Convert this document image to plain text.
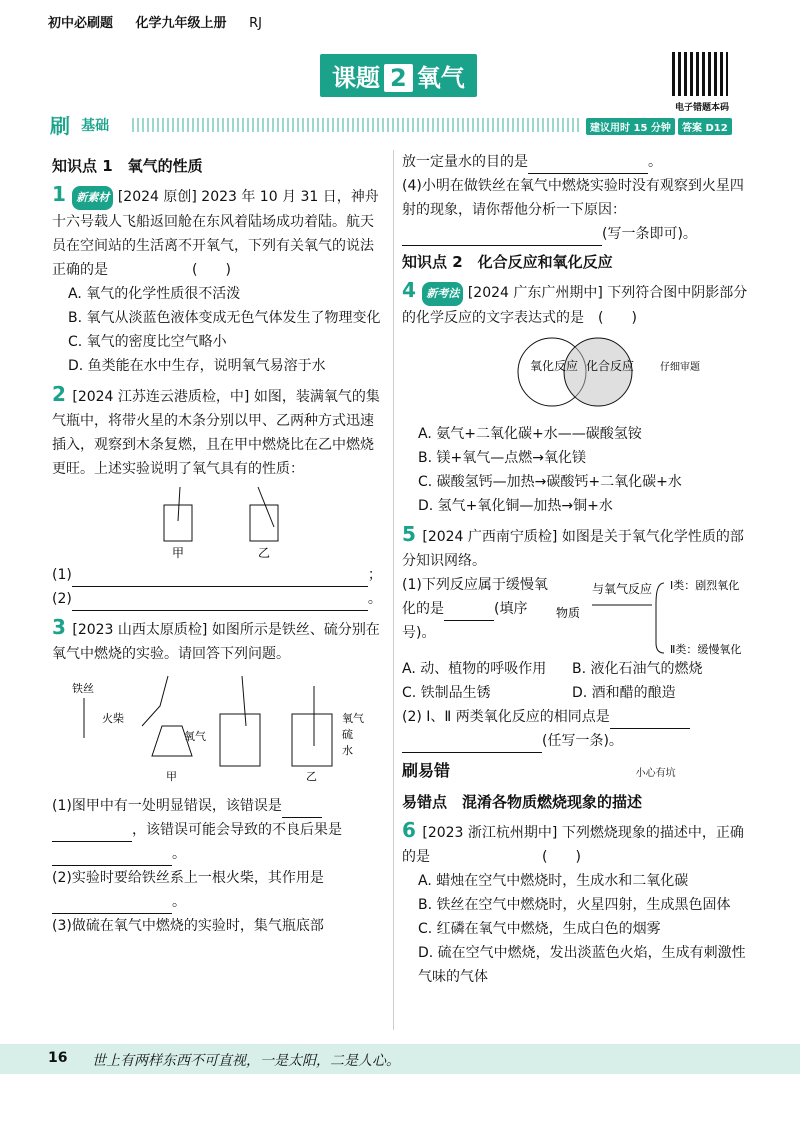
初中必刷题 化学九年级上册 RJ
课题 2 氧气
电子错题本码
刷 基础	建议用时 15 分钟	答案 D12
知识点 1　氧气的性质
1 新素材 [2024 原创] 2023 年 10 月 31 日，神舟十六号载人飞船返回舱在东风着陆场成功着陆。航天员在空间站的生活离不开氧气，下列有关氧气的说法正确的是　　　　　　(　　)
A. 氧气的化学性质很不活泼
B. 氧气从淡蓝色液体变成无色气体发生了物理变化
C. 氧气的密度比空气略小
D. 鱼类能在水中生存，说明氧气易溶于水
2 [2024 江苏连云港质检，中] 如图，装满氧气的集气瓶中，将带火星的木条分别以甲、乙两种方式迅速插入，观察到木条复燃，且在甲中燃烧比在乙中燃烧更旺。上述实验说明了氧气具有的性质：
甲	乙
(1)	；
(2)	。
3 [2023 山西太原质检] 如图所示是铁丝、硫分别在氧气中燃烧的实验。请回答下列问题。
铁丝
火柴
甲
氧气
氧气
硫
水
乙
(1)图甲中有一处明显错误，该错误是
，该错误可能会导致的不良后果是。
(2)实验时要给铁丝系上一根火柴，其作用是。
(3)做硫在氧气中燃烧的实验时，集气瓶底部
放一定量水的目的是	。
(4)小明在做铁丝在氧气中燃烧实验时没有观察到火星四射的现象，请你帮他分析一下原因：
(写一条即可)。
知识点 2　化合反应和氧化反应
4 新考法 [2024 广东广州期中] 下列符合图中阴影部分的化学反应的文字表达式的是　(　　)
氧化反应 化合反应	仔细审题
A. 氨气+二氧化碳+水——碳酸氢铵
B. 镁+氧气—点燃→氧化镁
C. 碳酸氢钙—加热→碳酸钙+二氧化碳+水
D. 氢气+氧化铜—加热→铜+水
5 [2024 广西南宁质检] 如图是关于氧气化学性质的部分知识网络。
(1)下列反应属于缓慢氧化的是	(填序号)。
物质
与氧气反应 Ⅰ类：剧烈氧化
Ⅱ类：缓慢氧化
A. 动、植物的呼吸作用	B. 液化石油气的燃烧
C. 铁制品生锈	D. 酒和醋的酿造
(2) Ⅰ、Ⅱ 两类氧化反应的相同点是
(任写一条)。
刷易错	小心有坑
易错点　混淆各物质燃烧现象的描述
6 [2023 浙江杭州期中] 下列燃烧现象的描述中，正确的是　　　　　　　　(　　)
A. 蜡烛在空气中燃烧时，生成水和二氧化碳
B. 铁丝在空气中燃烧时，火星四射，生成黑色固体
C. 红磷在氧气中燃烧，生成白色的烟雾
D. 硫在空气中燃烧，发出淡蓝色火焰，生成有刺激性气味的气体
16 世上有两样东西不可直视，一是太阳，二是人心。
